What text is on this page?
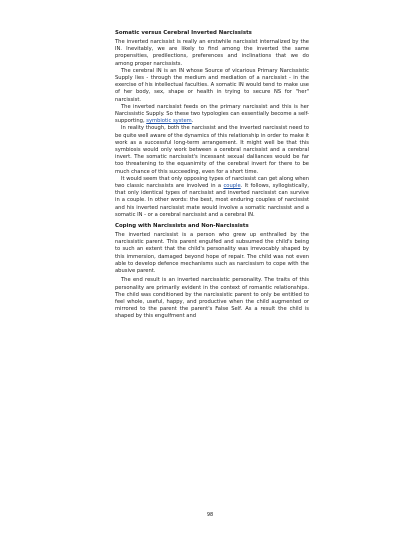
Somatic versus Cerebral Inverted Narcissists

The inverted narcissist is really an erstwhile narcissist internalized by the IN. Inevitably, we are likely to find among the inverted the same propensities, predilections, preferences and inclinations that we do among proper narcissists.

The cerebral IN is an IN whose Source of vicarious Primary Narcissistic Supply lies - through the medium and mediation of a narcissist - in the exercise of his intellectual faculties. A somatic IN would tend to make use of her body, sex, shape or health in trying to secure NS for "her" narcissist.

The inverted narcissist feeds on the primary narcissist and this is her Narcissistic Supply. So these two typologies can essentially become a self-supporting, symbiotic system.

In reality though, both the narcissist and the inverted narcissist need to be quite well aware of the dynamics of this relationship in order to make it work as a successful long-term arrangement. It might well be that this symbiosis would only work between a cerebral narcissist and a cerebral invert. The somatic narcissist's incessant sexual dalliances would be far too threatening to the equanimity of the cerebral invert for there to be much chance of this succeeding, even for a short time.

It would seem that only opposing types of narcissist can get along when two classic narcissists are involved in a couple. It follows, syllogistically, that only identical types of narcissist and inverted narcissist can survive in a couple. In other words: the best, most enduring couples of narcissist and his inverted narcissist mate would involve a somatic narcissist and a somatic IN - or a cerebral narcissist and a cerebral IN.

Coping with Narcissists and Non-Narcissists

The inverted narcissist is a person who grew up enthralled by the narcissistic parent. This parent engulfed and subsumed the child's being to such an extent that the child's personality was irrevocably shaped by this immersion, damaged beyond hope of repair. The child was not even able to develop defence mechanisms such as narcissism to cope with the abusive parent.

The end result is an inverted narcissistic personality. The traits of this personality are primarily evident in the context of romantic relationships. The child was conditioned by the narcissistic parent to only be entitled to feel whole, useful, happy, and productive when the child augmented or mirrored to the parent the parent's False Self. As a result the child is shaped by this engulfment and

98
